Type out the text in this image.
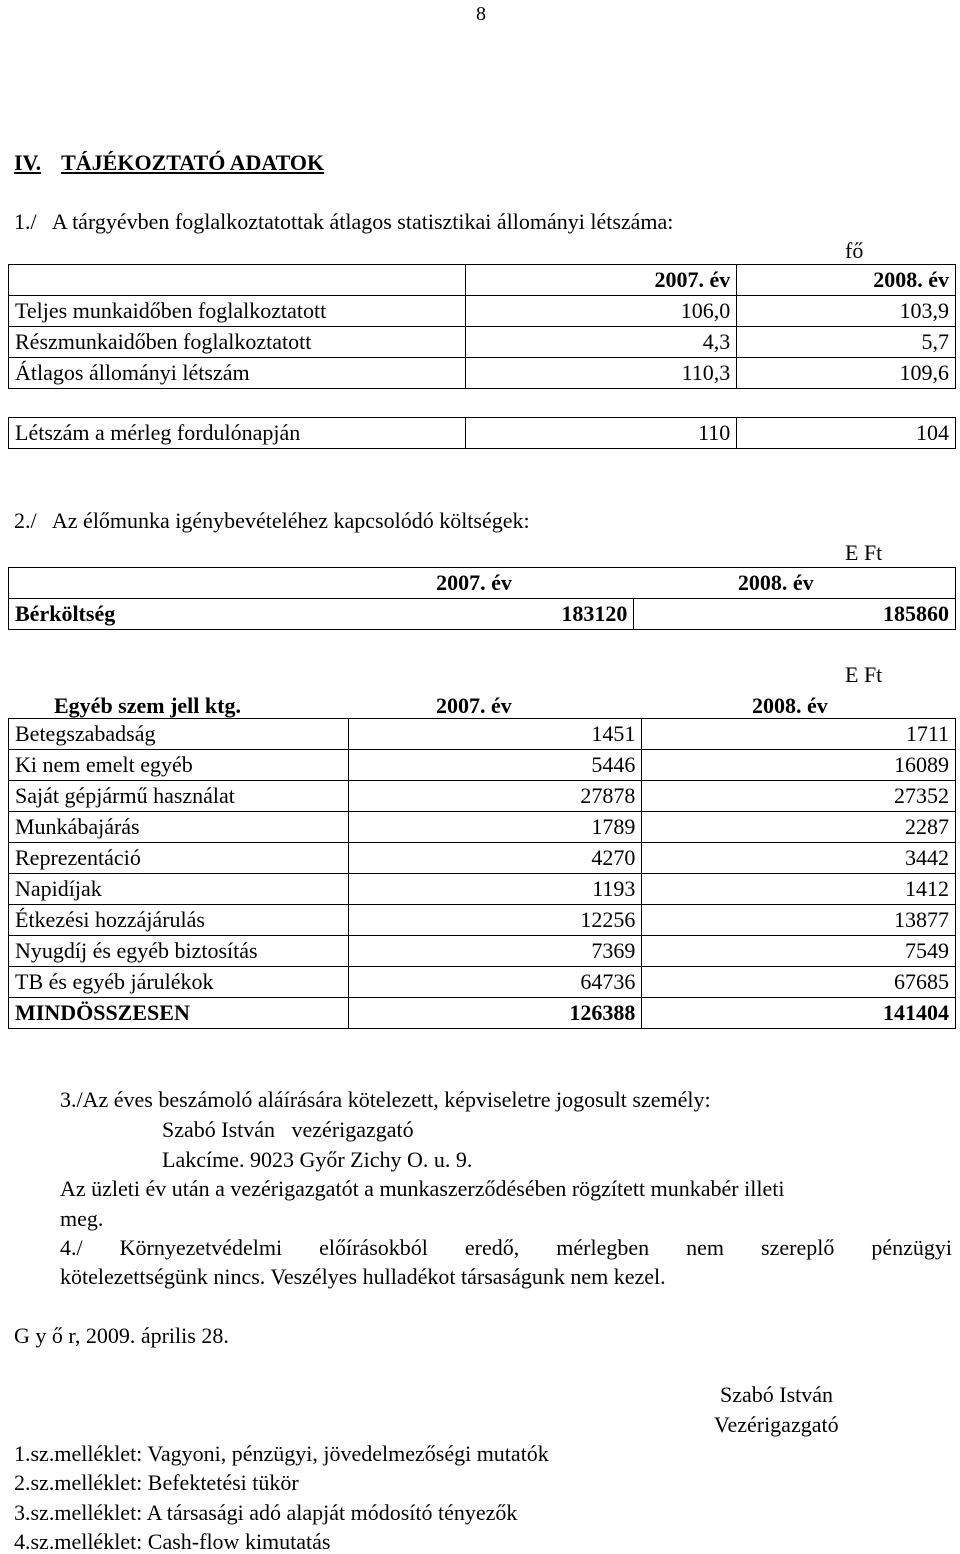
8
IV. TÁJÉKOZTATÓ ADATOK
1./   A tárgyévben foglalkoztatottak átlagos statisztikai állományi létszáma:
fő
	2007. év	2008. év
Teljes munkaidőben foglalkoztatott	106,0	103,9
Részmunkaidőben foglalkoztatott	4,3	5,7
Átlagos állományi létszám	110,3	109,6
Létszám a mérleg fordulónapján	110	104
2./   Az élőmunka igénybevételéhez kapcsolódó költségek:
E Ft
	2007. év	2008. év
Bérköltség	183120	185860
E Ft
Egyéb szem jell ktg.	2007. év	2008. év
Betegszabadság	1451	1711
Ki nem emelt egyéb	5446	16089
Saját gépjármű használat	27878	27352
Munkábajárás	1789	2287
Reprezentáció	4270	3442
Napidíjak	1193	1412
Étkezési hozzájárulás	12256	13877
Nyugdíj és egyéb biztosítás	7369	7549
TB és egyéb járulékok	64736	67685
MINDÖSSZESEN	126388	141404
3./Az éves beszámoló aláírására kötelezett, képviseletre jogosult személy:
Szabó István   vezérigazgató
Lakcíme. 9023 Győr Zichy O. u. 9.
Az üzleti év után a vezérigazgatót a munkaszerződésében rögzített munkabér illeti
meg.
4./ Környezetvédelmi előírásokból eredő, mérlegben nem szereplő pénzügyi
kötelezettségünk nincs. Veszélyes hulladékot társaságunk nem kezel.
G y ő r, 2009. április 28.
Szabó István
Vezérigazgató
1.sz.melléklet: Vagyoni, pénzügyi, jövedelmezőségi mutatók
2.sz.melléklet: Befektetési tükör
3.sz.melléklet: A társasági adó alapját módosító tényezők
4.sz.melléklet: Cash-flow kimutatás
